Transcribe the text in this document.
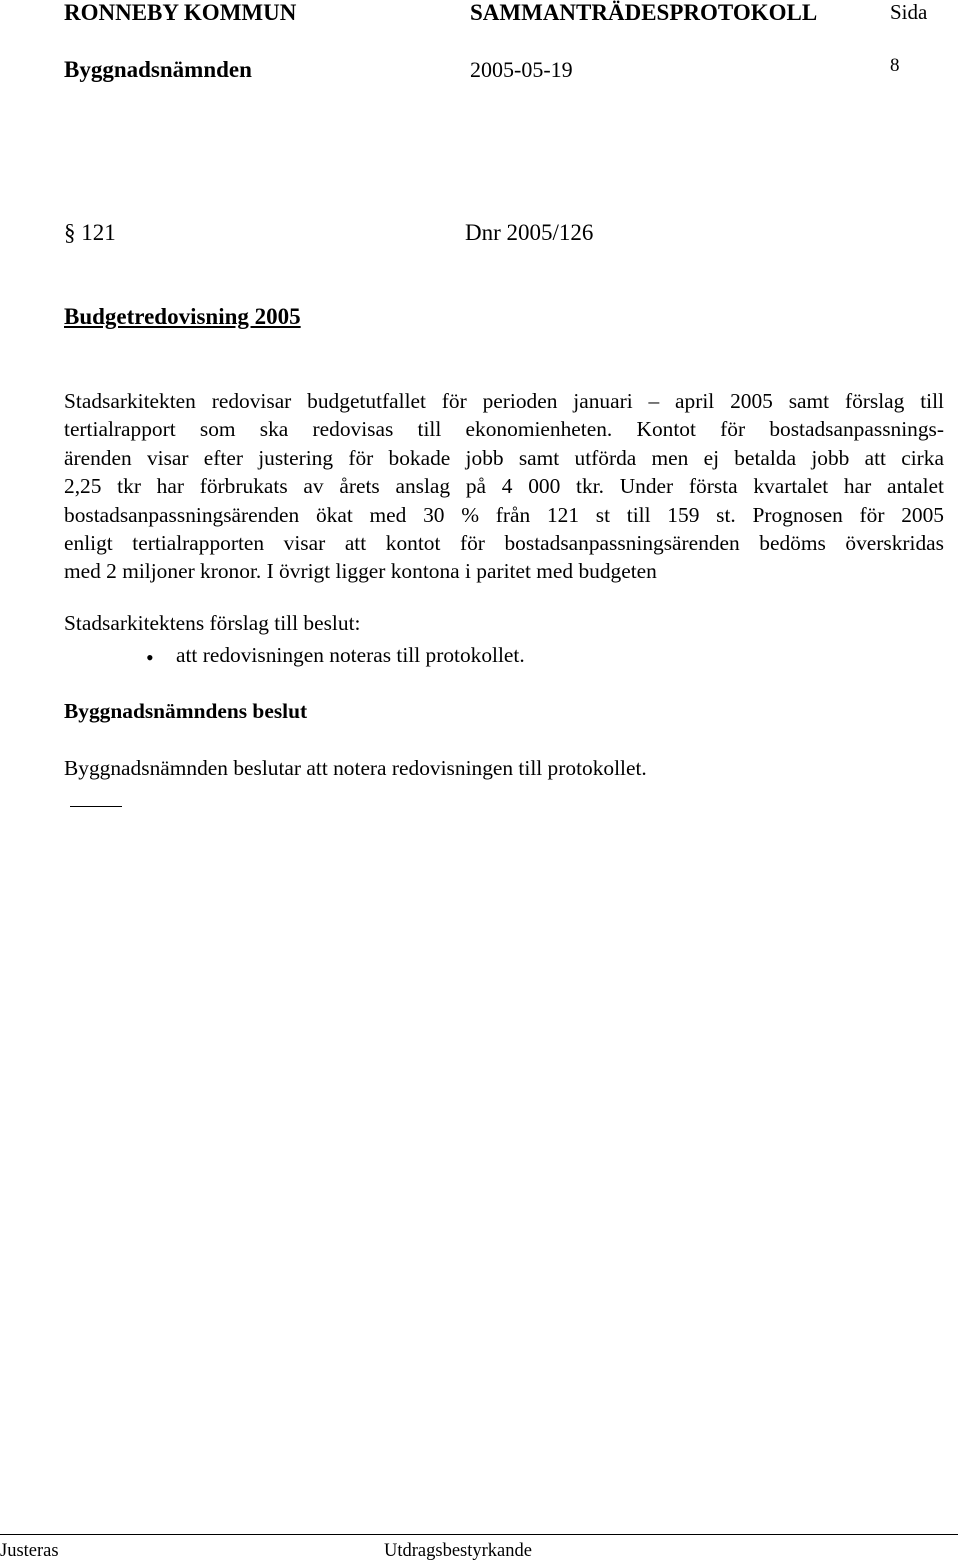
RONNEBY KOMMUN	SAMMANTRÄDESPROTOKOLL	Sida
Byggnadsnämnden	2005-05-19	8
§ 121	Dnr 2005/126
Budgetredovisning 2005
Stadsarkitekten redovisar budgetutfallet för perioden januari – april 2005 samt förslag till
tertialrapport som ska redovisas till ekonomienheten. Kontot för bostadsanpassnings-
ärenden visar efter justering för bokade jobb samt utförda men ej betalda jobb att cirka
2,25 tkr har förbrukats av årets anslag på 4 000 tkr. Under första kvartalet har antalet
bostadsanpassningsärenden ökat med 30 % från 121 st till 159 st. Prognosen för 2005
enligt tertialrapporten visar att kontot för bostadsanpassningsärenden bedöms överskridas
med 2 miljoner kronor. I övrigt ligger kontona i paritet med budgeten
Stadsarkitektens förslag till beslut:
• att redovisningen noteras till protokollet.
Byggnadsnämndens beslut
Byggnadsnämnden beslutar att notera redovisningen till protokollet.
Justeras	Utdragsbestyrkande
